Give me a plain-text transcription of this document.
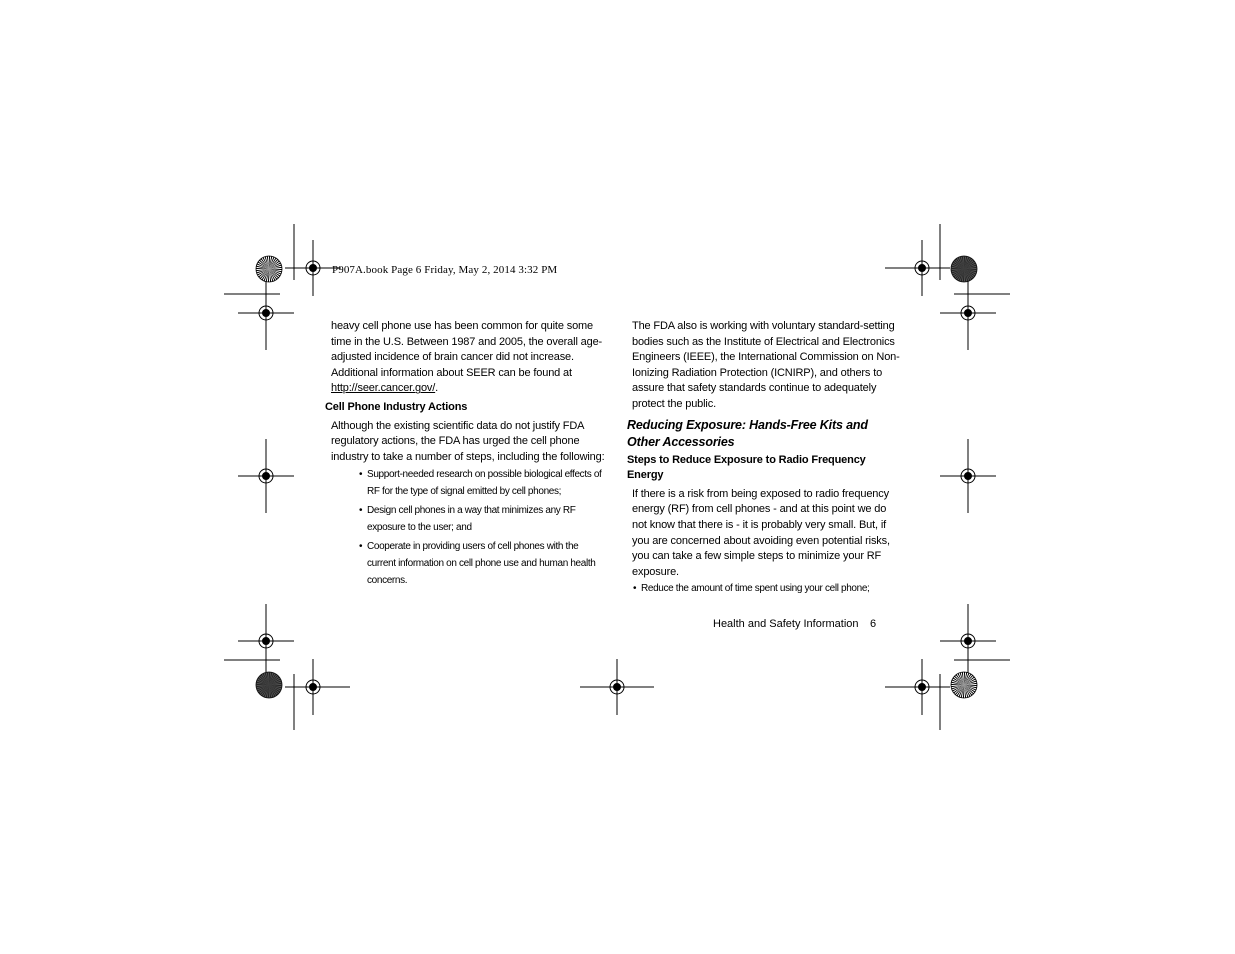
P907A.book Page 6 Friday, May 2, 2014 3:32 PM

heavy cell phone use has been common for quite some time in the U.S. Between 1987 and 2005, the overall age-adjusted incidence of brain cancer did not increase. Additional information about SEER can be found at http://seer.cancer.gov/.

Cell Phone Industry Actions

Although the existing scientific data do not justify FDA regulatory actions, the FDA has urged the cell phone industry to take a number of steps, including the following:

• Support-needed research on possible biological effects of RF for the type of signal emitted by cell phones;
• Design cell phones in a way that minimizes any RF exposure to the user; and
• Cooperate in providing users of cell phones with the current information on cell phone use and human health concerns.

The FDA also is working with voluntary standard-setting bodies such as the Institute of Electrical and Electronics Engineers (IEEE), the International Commission on Non-Ionizing Radiation Protection (ICNIRP), and others to assure that safety standards continue to adequately protect the public.

Reducing Exposure: Hands-Free Kits and Other Accessories

Steps to Reduce Exposure to Radio Frequency Energy

If there is a risk from being exposed to radio frequency energy (RF) from cell phones - and at this point we do not know that there is - it is probably very small. But, if you are concerned about avoiding even potential risks, you can take a few simple steps to minimize your RF exposure.

• Reduce the amount of time spent using your cell phone;
Health and Safety Information 6
